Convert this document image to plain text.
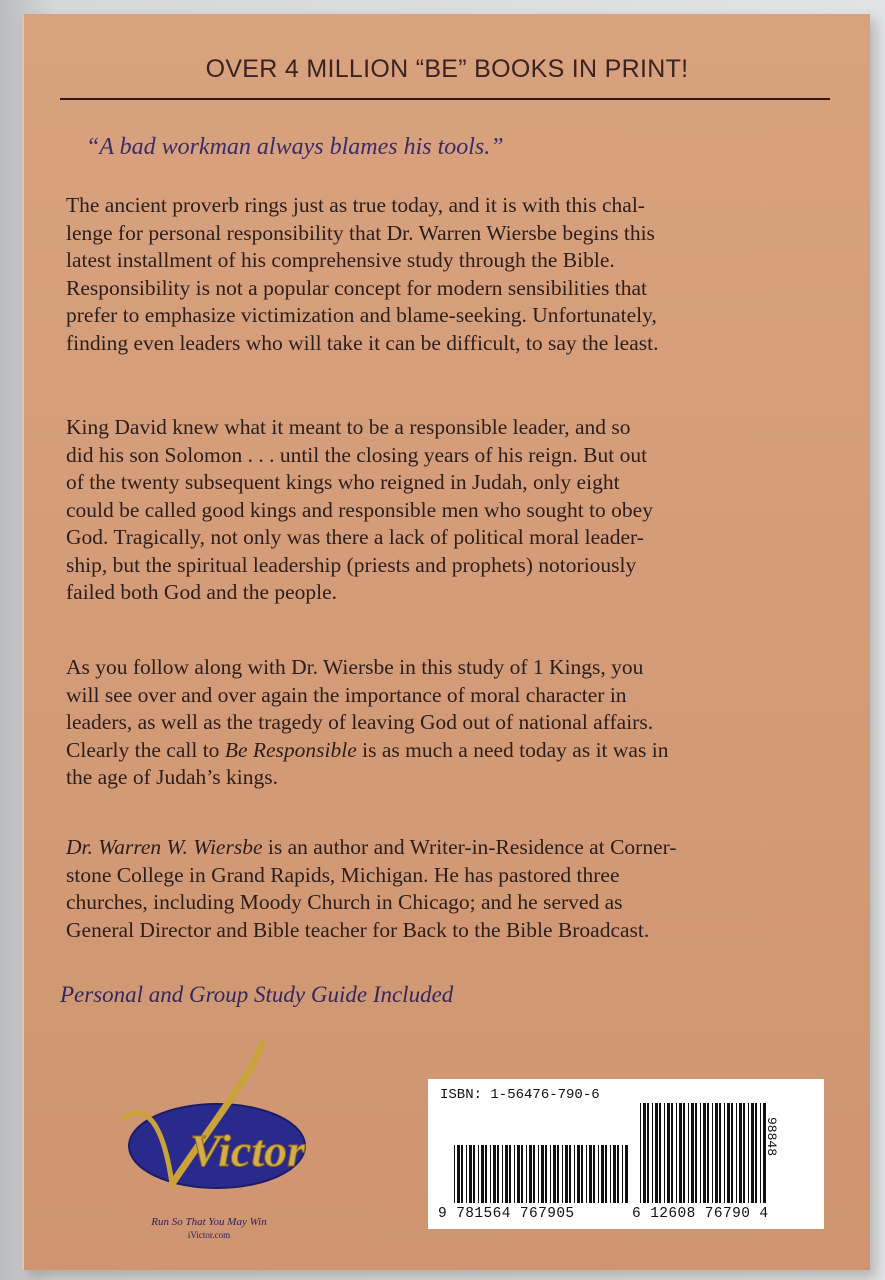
OVER 4 MILLION “BE” BOOKS IN PRINT!
“A bad workman always blames his tools.”
The ancient proverb rings just as true today, and it is with this chal-
lenge for personal responsibility that Dr. Warren Wiersbe begins this
latest installment of his comprehensive study through the Bible.
Responsibility is not a popular concept for modern sensibilities that
prefer to emphasize victimization and blame-seeking. Unfortunately,
finding even leaders who will take it can be difficult, to say the least.
King David knew what it meant to be a responsible leader, and so
did his son Solomon . . . until the closing years of his reign. But out
of the twenty subsequent kings who reigned in Judah, only eight
could be called good kings and responsible men who sought to obey
God. Tragically, not only was there a lack of political moral leader-
ship, but the spiritual leadership (priests and prophets) notoriously
failed both God and the people.
As you follow along with Dr. Wiersbe in this study of 1 Kings, you
will see over and over again the importance of moral character in
leaders, as well as the tragedy of leaving God out of national affairs.
Clearly the call to Be Responsible is as much a need today as it was in
the age of Judah’s kings.
Dr. Warren W. Wiersbe is an author and Writer-in-Residence at Corner-
stone College in Grand Rapids, Michigan. He has pastored three
churches, including Moody Church in Chicago; and he served as
General Director and Bible teacher for Back to the Bible Broadcast.
Personal and Group Study Guide Included
Victor
Run So That You May Win
iVictor.com
ISBN: 1-56476-790-6
9 781564 767905	6 12608 76790 4
98848
